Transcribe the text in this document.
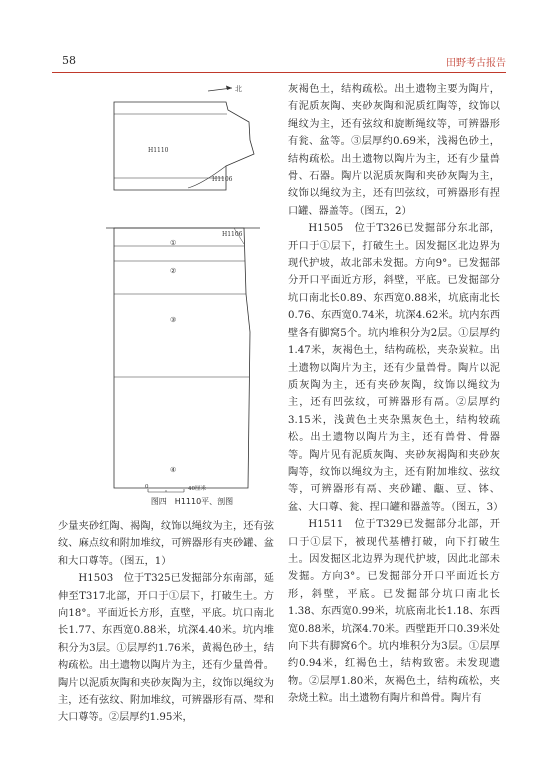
58	田野考古报告
北
H1110
H1106
H1106
①
②
③
④
0	40厘米
图四　H1110平、剖图

少量夹砂红陶、褐陶，纹饰以绳纹为主，还有弦纹、麻点纹和附加堆纹，可辨器形有夹砂罐、盆和大口尊等。（图五，1）

H1503　位于T325已发掘部分东南部，延伸至T317北部，开口于①层下，打破生土。方向18°。平面近长方形，直壁，平底。坑口南北长1.77、东西宽0.88米，坑深4.40米。坑内堆积分为3层。①层厚约1.76米，黄褐色砂土，结构疏松。出土遗物以陶片为主，还有少量兽骨。陶片以泥质灰陶和夹砂灰陶为主，纹饰以绳纹为主，还有弦纹、附加堆纹，可辨器形有鬲、斝和大口尊等。②层厚约1.95米，

灰褐色土，结构疏松。出土遗物主要为陶片，有泥质灰陶、夹砂灰陶和泥质红陶等，纹饰以绳纹为主，还有弦纹和旋断绳纹等，可辨器形有瓮、盆等。③层厚约0.69米，浅褐色砂土，结构疏松。出土遗物以陶片为主，还有少量兽骨、石器。陶片以泥质灰陶和夹砂灰陶为主，纹饰以绳纹为主，还有凹弦纹，可辨器形有捏口罐、器盖等。（图五，2）

H1505　位于T326已发掘部分东北部，开口于①层下，打破生土。因发掘区北边界为现代护坡，故北部未发掘。方向9°。已发掘部分开口平面近方形，斜壁，平底。已发掘部分坑口南北长0.89、东西宽0.88米，坑底南北长0.76、东西宽0.74米，坑深4.62米。坑内东西壁各有脚窝5个。坑内堆积分为2层。①层厚约1.47米，灰褐色土，结构疏松，夹杂炭粒。出土遗物以陶片为主，还有少量兽骨。陶片以泥质灰陶为主，还有夹砂灰陶，纹饰以绳纹为主，还有凹弦纹，可辨器形有鬲。②层厚约3.15米，浅黄色土夹杂黑灰色土，结构较疏松。出土遗物以陶片为主，还有兽骨、骨器等。陶片见有泥质灰陶、夹砂灰褐陶和夹砂灰陶等，纹饰以绳纹为主，还有附加堆纹、弦纹等，可辨器形有鬲、夹砂罐、甗、豆、钵、盆、大口尊、瓮、捏口罐和器盖等。（图五，3）

H1511　位于T329已发掘部分北部，开口于①层下，被现代基槽打破，向下打破生土。因发掘区北边界为现代护坡，因此北部未发掘。方向3°。已发掘部分开口平面近长方形，斜壁，平底。已发掘部分坑口南北长1.38、东西宽0.99米，坑底南北长1.18、东西宽0.88米，坑深4.70米。西壁距开口0.39米处向下共有脚窝6个。坑内堆积分为3层。①层厚约0.94米，红褐色土，结构致密。未发现遗物。②层厚1.80米，灰褐色土，结构疏松，夹杂烧土粒。出土遗物有陶片和兽骨。陶片有
